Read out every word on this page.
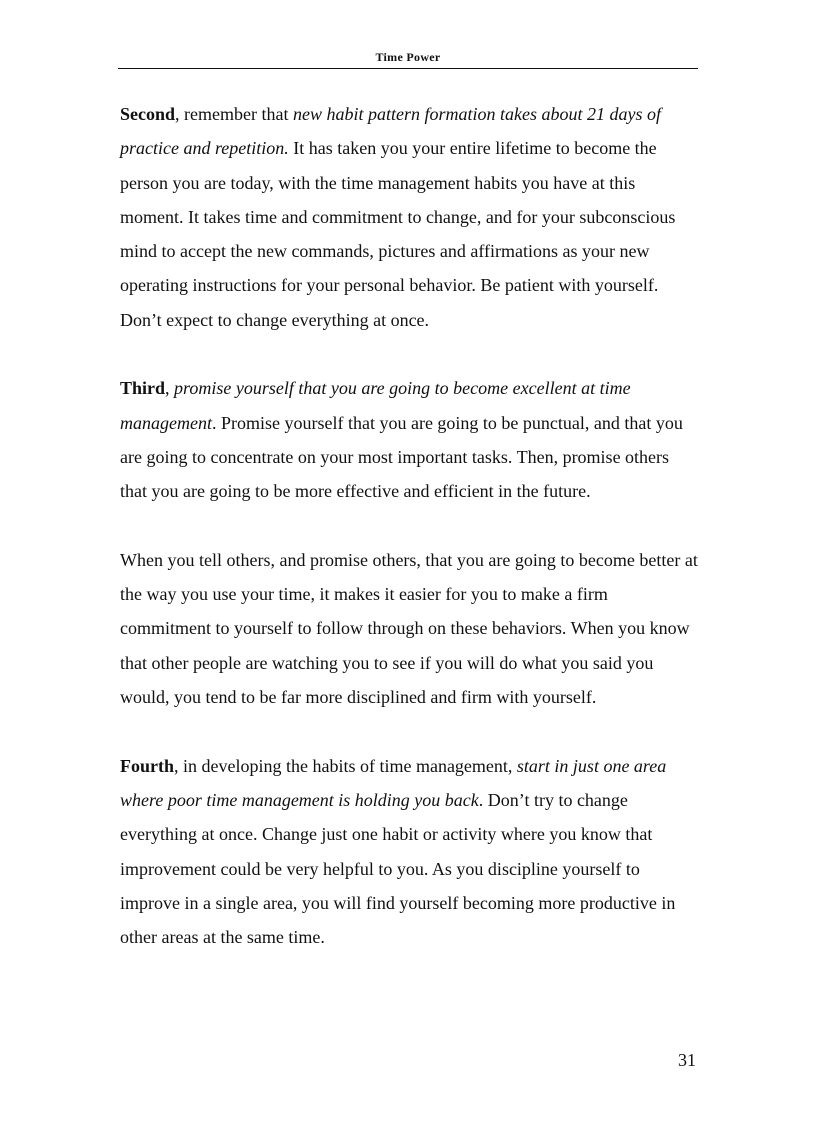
Time Power

Second, remember that new habit pattern formation takes about 21 days of practice and repetition. It has taken you your entire lifetime to become the person you are today, with the time management habits you have at this moment. It takes time and commitment to change, and for your subconscious mind to accept the new commands, pictures and affirmations as your new operating instructions for your personal behavior. Be patient with yourself. Don’t expect to change everything at once.

Third, promise yourself that you are going to become excellent at time management. Promise yourself that you are going to be punctual, and that you are going to concentrate on your most important tasks. Then, promise others that you are going to be more effective and efficient in the future.

When you tell others, and promise others, that you are going to become better at the way you use your time, it makes it easier for you to make a firm commitment to yourself to follow through on these behaviors. When you know that other people are watching you to see if you will do what you said you would, you tend to be far more disciplined and firm with yourself.

Fourth, in developing the habits of time management, start in just one area where poor time management is holding you back. Don’t try to change everything at once. Change just one habit or activity where you know that improvement could be very helpful to you. As you discipline yourself to improve in a single area, you will find yourself becoming more productive in other areas at the same time.

31
